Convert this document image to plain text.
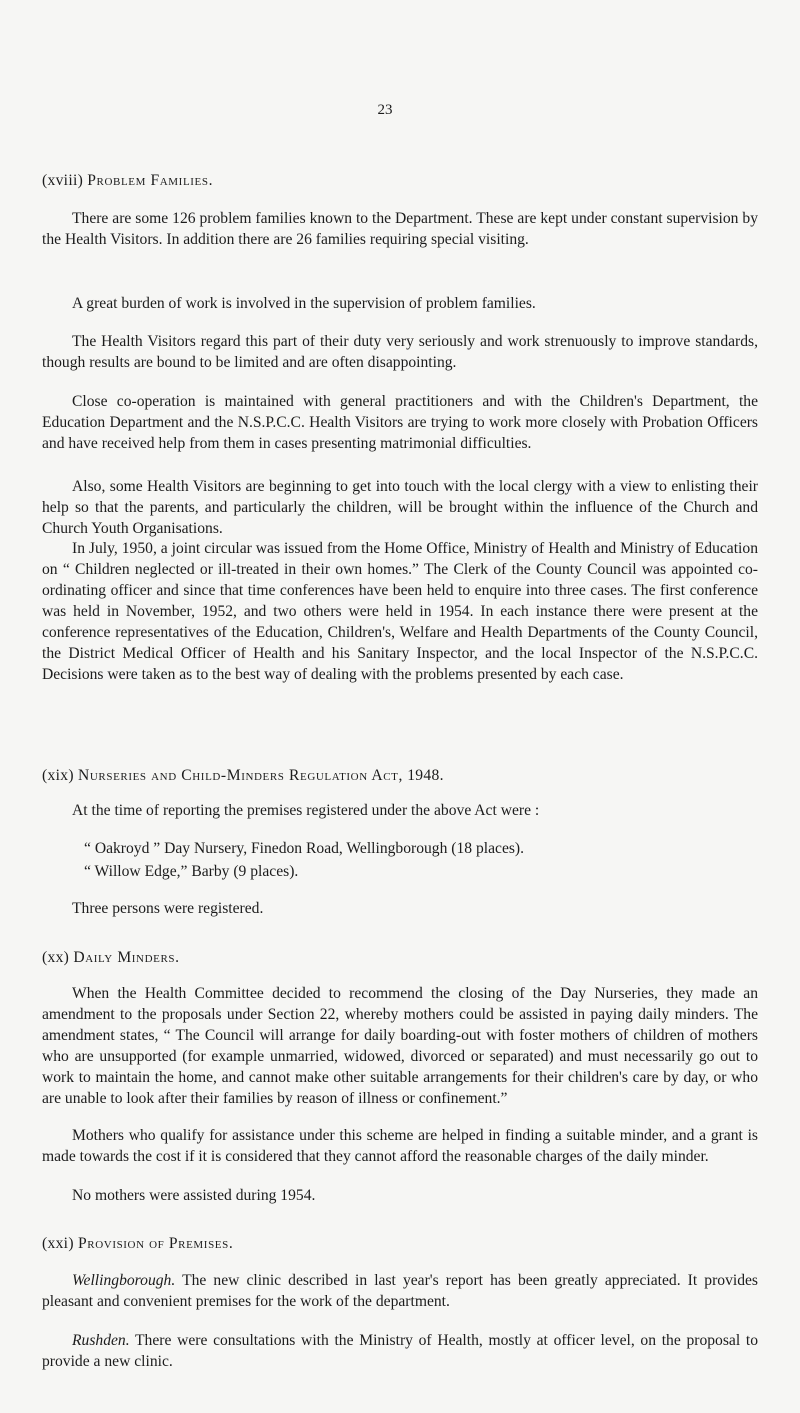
23
(xviii) Problem Families.

There are some 126 problem families known to the Department. These are kept under constant supervision by the Health Visitors. In addition there are 26 families requiring special visiting.

A great burden of work is involved in the supervision of problem families.

The Health Visitors regard this part of their duty very seriously and work strenuously to improve standards, though results are bound to be limited and are often disappointing.

Close co-operation is maintained with general practitioners and with the Children's Department, the Education Department and the N.S.P.C.C. Health Visitors are trying to work more closely with Probation Officers and have received help from them in cases presenting matrimonial difficulties.

Also, some Health Visitors are beginning to get into touch with the local clergy with a view to enlisting their help so that the parents, and particularly the children, will be brought within the influence of the Church and Church Youth Organisations.

In July, 1950, a joint circular was issued from the Home Office, Ministry of Health and Ministry of Education on “ Children neglected or ill-treated in their own homes.” The Clerk of the County Council was appointed co-ordinating officer and since that time conferences have been held to enquire into three cases. The first conference was held in November, 1952, and two others were held in 1954. In each instance there were present at the conference representatives of the Education, Children's, Welfare and Health Departments of the County Council, the District Medical Officer of Health and his Sanitary Inspector, and the local Inspector of the N.S.P.C.C. Decisions were taken as to the best way of dealing with the problems presented by each case.

(xix) Nurseries and Child-Minders Regulation Act, 1948.

At the time of reporting the premises registered under the above Act were :

“ Oakroyd ” Day Nursery, Finedon Road, Wellingborough (18 places).

“ Willow Edge,” Barby (9 places).

Three persons were registered.

(xx) Daily Minders.

When the Health Committee decided to recommend the closing of the Day Nurseries, they made an amendment to the proposals under Section 22, whereby mothers could be assisted in paying daily minders. The amendment states, “ The Council will arrange for daily boarding-out with foster mothers of children of mothers who are unsupported (for example unmarried, widowed, divorced or separated) and must necessarily go out to work to maintain the home, and cannot make other suitable arrangements for their children's care by day, or who are unable to look after their families by reason of illness or confinement.”

Mothers who qualify for assistance under this scheme are helped in finding a suitable minder, and a grant is made towards the cost if it is considered that they cannot afford the reasonable charges of the daily minder.

No mothers were assisted during 1954.

(xxi) Provision of Premises.

Wellingborough. The new clinic described in last year's report has been greatly appreciated. It provides pleasant and convenient premises for the work of the department.

Rushden. There were consultations with the Ministry of Health, mostly at officer level, on the proposal to provide a new clinic.
